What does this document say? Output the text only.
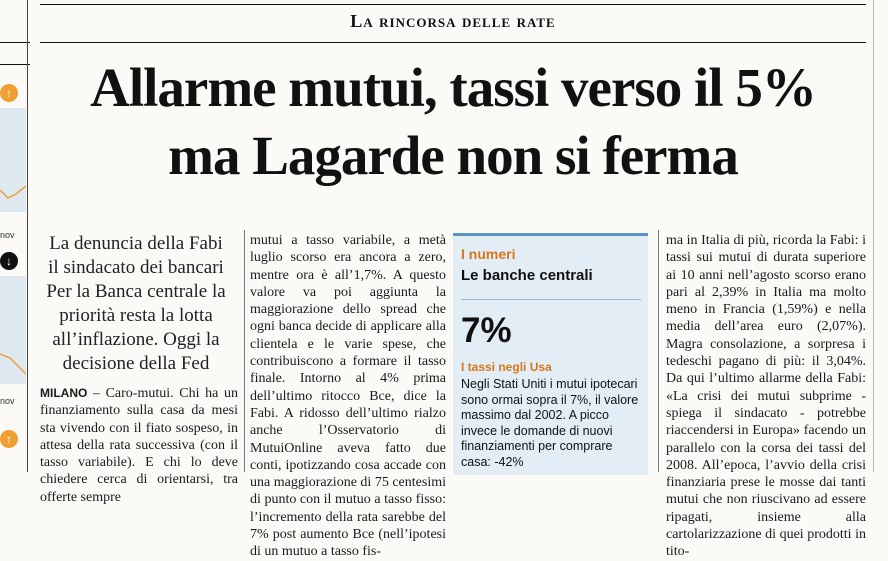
↑
nov
↓
nov
↑
La rincorsa delle rate
Allarme mutui, tassi verso il 5%
ma Lagarde non si ferma
La denuncia della Fabi il sindacato dei bancari Per la Banca centrale la priorità resta la lotta all’inflazione. Oggi la decisione della Fed
MILANO – Caro-mutui. Chi ha un finanziamento sulla casa da mesi sta vivendo con il fiato sospeso, in attesa della rata successiva (con il tasso variabile). E chi lo deve chiedere cerca di orientarsi, tra offerte sempre
mutui a tasso variabile, a metà luglio scorso era ancora a zero, mentre ora è all’1,7%. A questo valore va poi aggiunta la maggiorazione dello spread che ogni banca decide di applicare alla clientela e le varie spese, che contribuiscono a formare il tasso finale. Intorno al 4% prima dell’ultimo ritocco Bce, dice la Fabi. A ridosso dell’ultimo rialzo anche l’Osservatorio di MutuiOnline aveva fatto due conti, ipotizzando cosa accade con una maggiorazione di 75 centesimi di punto con il mutuo a tasso fisso: l’incremento della rata sarebbe del 7% post aumento Bce (nell’ipotesi di un mutuo a tasso fis-
I numeri
Le banche centrali
7%
I tassi negli Usa
Negli Stati Uniti i mutui ipotecari sono ormai sopra il 7%, il valore massimo dal 2002. A picco invece le domande di nuovi finanziamenti per comprare casa: -42%
ma in Italia di più, ricorda la Fabi: i tassi sui mutui di durata superiore ai 10 anni nell’agosto scorso erano pari al 2,39% in Italia ma molto meno in Francia (1,59%) e nella media dell’area euro (2,07%). Magra consolazione, a sorpresa i tedeschi pagano di più: il 3,04%. Da qui l’ultimo allarme della Fabi: «La crisi dei mutui subprime - spiega il sindacato - potrebbe riaccendersi in Europa» facendo un parallelo con la corsa dei tassi del 2008. All’epoca, l’avvio della crisi finanziaria prese le mosse dai tanti mutui che non riuscivano ad essere ripagati, insieme alla cartolarizzazione di quei prodotti in tito-
